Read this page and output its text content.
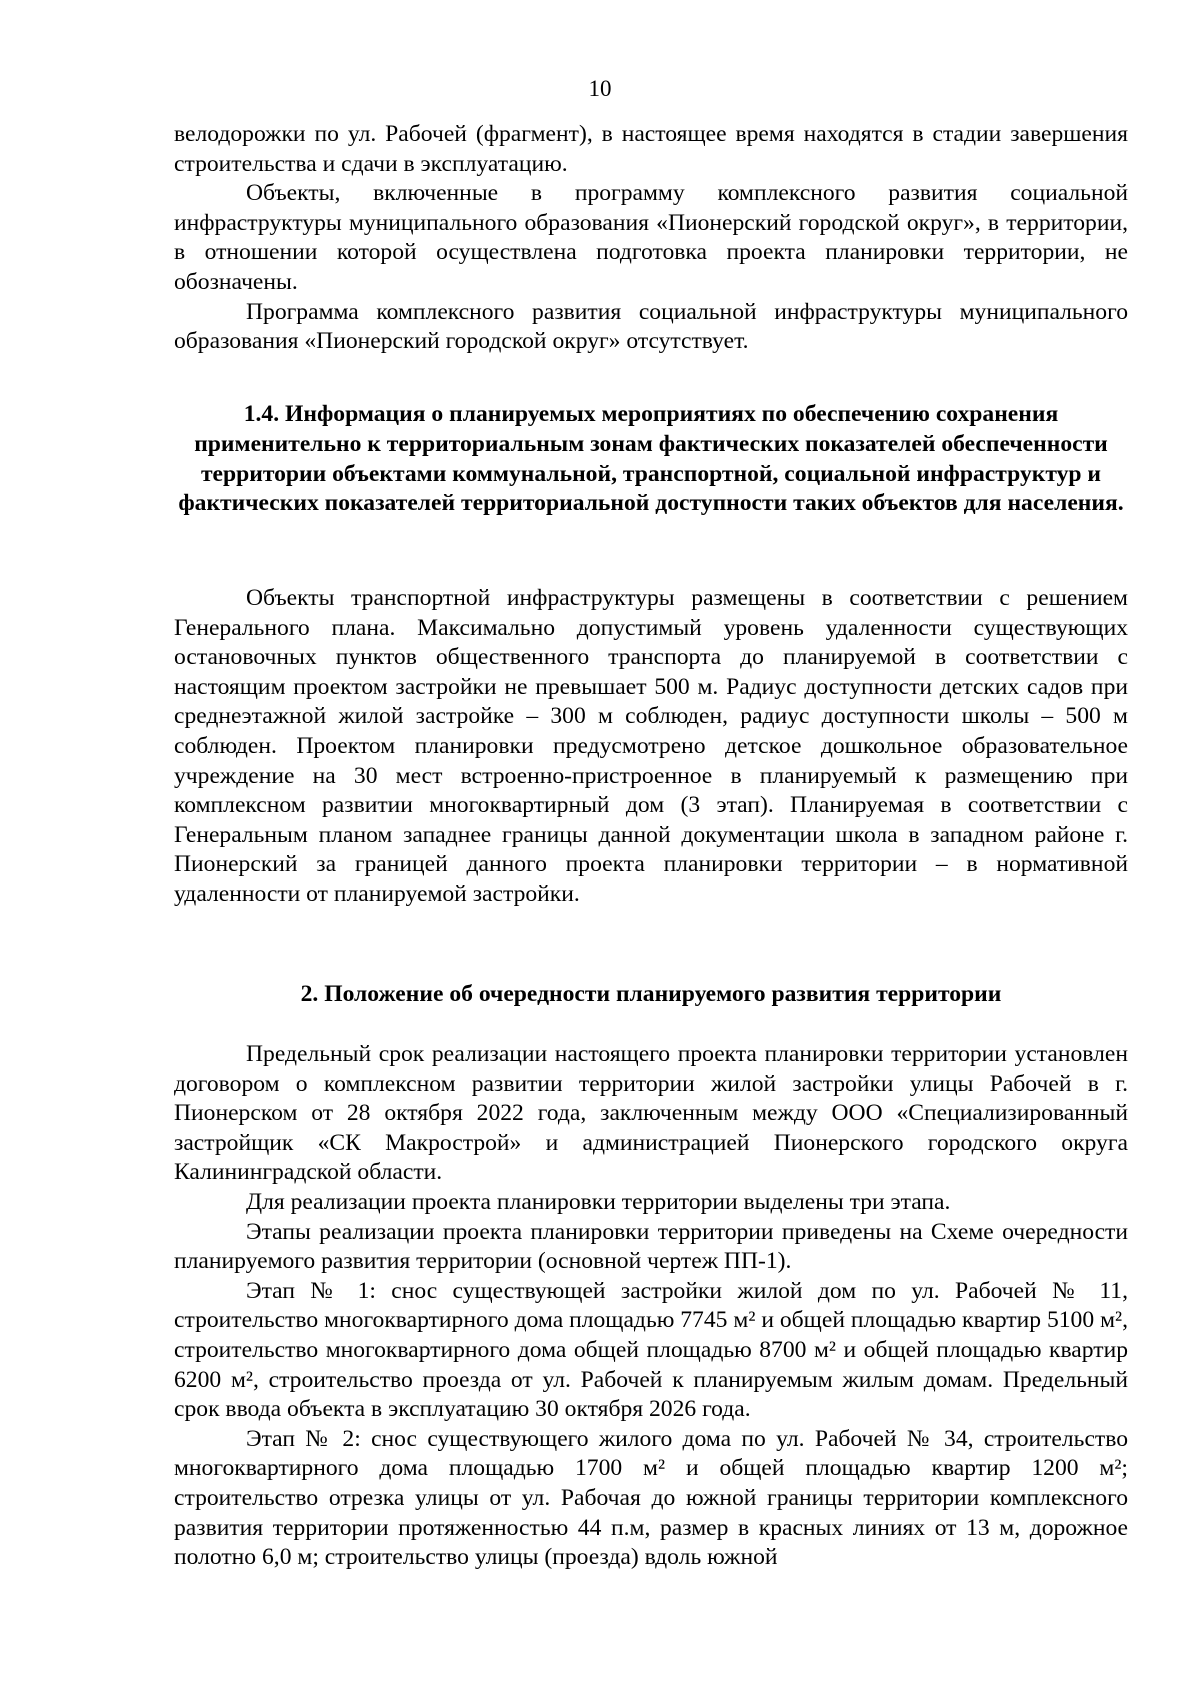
10

велодорожки по ул. Рабочей (фрагмент), в настоящее время находятся в стадии завершения строительства и сдачи в эксплуатацию.

Объекты, включенные в программу комплексного развития социальной инфраструктуры муниципального образования «Пионерский городской округ», в территории, в отношении которой осуществлена подготовка проекта планировки территории, не обозначены.

Программа комплексного развития социальной инфраструктуры муниципального образования «Пионерский городской округ» отсутствует.

1.4. Информация о планируемых мероприятиях по обеспечению сохранения применительно к территориальным зонам фактических показателей обеспеченности территории объектами коммунальной, транспортной, социальной инфраструктур и фактических показателей территориальной доступности таких объектов для населения.

Объекты транспортной инфраструктуры размещены в соответствии с решением Генерального плана. Максимально допустимый уровень удаленности существующих остановочных пунктов общественного транспорта до планируемой в соответствии с настоящим проектом застройки не превышает 500 м. Радиус доступности детских садов при среднеэтажной жилой застройке – 300 м соблюден, радиус доступности школы – 500 м соблюден. Проектом планировки предусмотрено детское дошкольное образовательное учреждение на 30 мест встроенно-пристроенное в планируемый к размещению при комплексном развитии многоквартирный дом (3 этап). Планируемая в соответствии с Генеральным планом западнее границы данной документации школа в западном районе г. Пионерский за границей данного проекта планировки территории – в нормативной удаленности от планируемой застройки.

2. Положение об очередности планируемого развития территории

Предельный срок реализации настоящего проекта планировки территории установлен договором о комплексном развитии территории жилой застройки улицы Рабочей в г. Пионерском от 28 октября 2022 года, заключенным между ООО «Специализированный застройщик «СК Макрострой» и администрацией Пионерского городского округа Калининградской области.

Для реализации проекта планировки территории выделены три этапа.

Этапы реализации проекта планировки территории приведены на Схеме очередности планируемого развития территории (основной чертеж ПП-1).

Этап № 1: снос существующей застройки жилой дом по ул. Рабочей № 11, строительство многоквартирного дома площадью 7745 м² и общей площадью квартир 5100 м², строительство многоквартирного дома общей площадью 8700 м² и общей площадью квартир 6200 м², строительство проезда от ул. Рабочей к планируемым жилым домам. Предельный срок ввода объекта в эксплуатацию 30 октября 2026 года.

Этап № 2: снос существующего жилого дома по ул. Рабочей № 34, строительство многоквартирного дома площадью 1700 м² и общей площадью квартир 1200 м²; строительство отрезка улицы от ул. Рабочая до южной границы территории комплексного развития территории протяженностью 44 п.м, размер в красных линиях от 13 м, дорожное полотно 6,0 м; строительство улицы (проезда) вдоль южной
